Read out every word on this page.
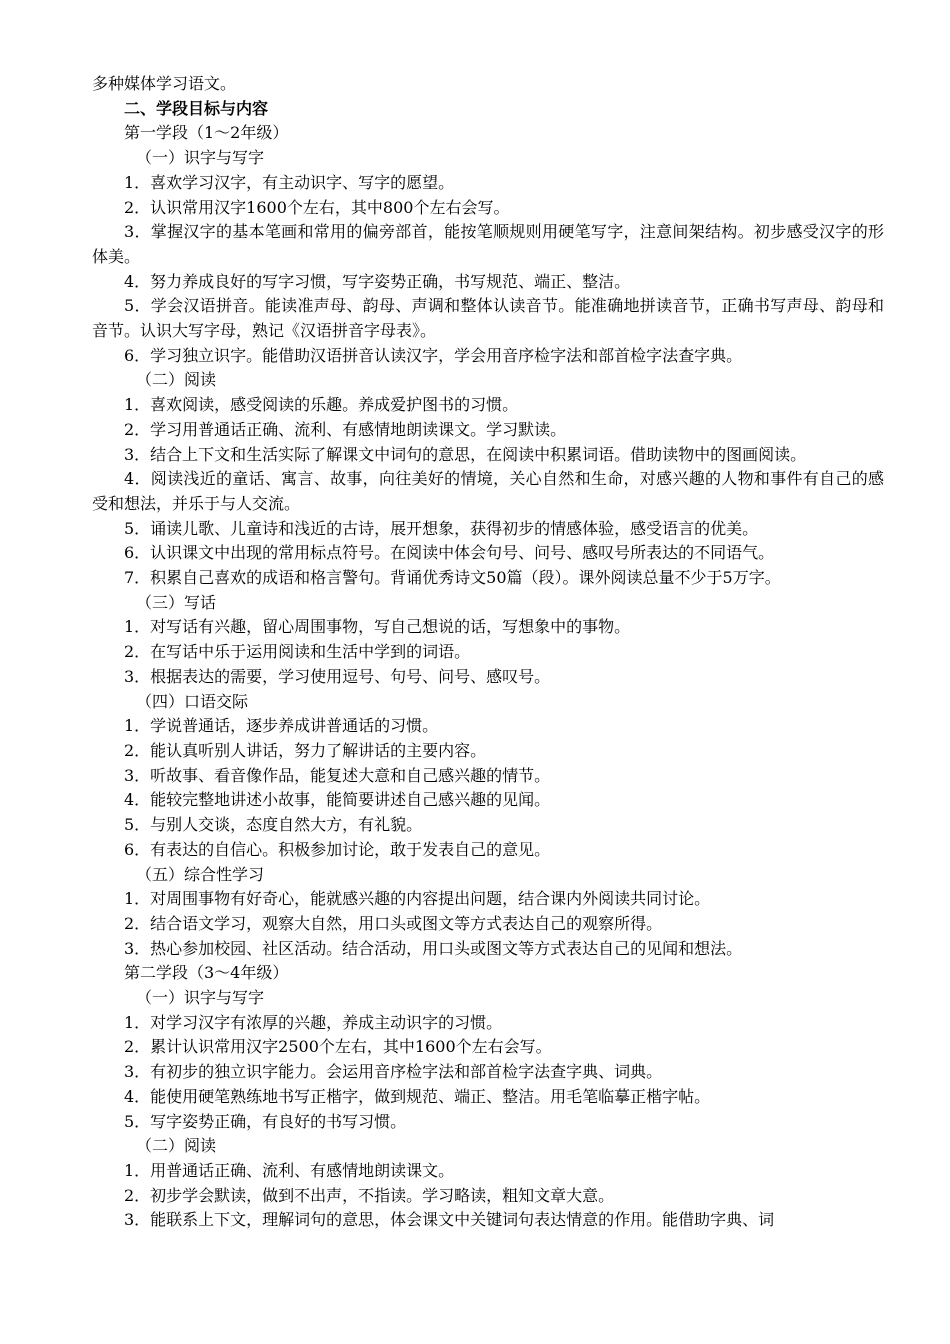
多种媒体学习语文。

二、学段目标与内容

第一学段（1～2年级）

（一）识字与写字

1．喜欢学习汉字，有主动识字、写字的愿望。

2．认识常用汉字1600个左右，其中800个左右会写。

3．掌握汉字的基本笔画和常用的偏旁部首，能按笔顺规则用硬笔写字，注意间架结构。初步感受汉字的形体美。

4．努力养成良好的写字习惯，写字姿势正确，书写规范、端正、整洁。

5．学会汉语拼音。能读准声母、韵母、声调和整体认读音节。能准确地拼读音节，正确书写声母、韵母和音节。认识大写字母，熟记《汉语拼音字母表》。

6．学习独立识字。能借助汉语拼音认读汉字，学会用音序检字法和部首检字法查字典。

（二）阅读

1．喜欢阅读，感受阅读的乐趣。养成爱护图书的习惯。

2．学习用普通话正确、流利、有感情地朗读课文。学习默读。

3．结合上下文和生活实际了解课文中词句的意思，在阅读中积累词语。借助读物中的图画阅读。

4．阅读浅近的童话、寓言、故事，向往美好的情境，关心自然和生命，对感兴趣的人物和事件有自己的感受和想法，并乐于与人交流。

5．诵读儿歌、儿童诗和浅近的古诗，展开想象，获得初步的情感体验，感受语言的优美。

6．认识课文中出现的常用标点符号。在阅读中体会句号、问号、感叹号所表达的不同语气。

7．积累自己喜欢的成语和格言警句。背诵优秀诗文50篇（段）。课外阅读总量不少于5万字。

（三）写话

1．对写话有兴趣，留心周围事物，写自己想说的话，写想象中的事物。

2．在写话中乐于运用阅读和生活中学到的词语。

3．根据表达的需要，学习使用逗号、句号、问号、感叹号。

（四）口语交际

1．学说普通话，逐步养成讲普通话的习惯。

2．能认真听别人讲话，努力了解讲话的主要内容。

3．听故事、看音像作品，能复述大意和自己感兴趣的情节。

4．能较完整地讲述小故事，能简要讲述自己感兴趣的见闻。

5．与别人交谈，态度自然大方，有礼貌。

6．有表达的自信心。积极参加讨论，敢于发表自己的意见。

（五）综合性学习

1．对周围事物有好奇心，能就感兴趣的内容提出问题，结合课内外阅读共同讨论。

2．结合语文学习，观察大自然，用口头或图文等方式表达自己的观察所得。

3．热心参加校园、社区活动。结合活动，用口头或图文等方式表达自己的见闻和想法。

第二学段（3～4年级）

（一）识字与写字

1．对学习汉字有浓厚的兴趣，养成主动识字的习惯。

2．累计认识常用汉字2500个左右，其中1600个左右会写。

3．有初步的独立识字能力。会运用音序检字法和部首检字法查字典、词典。

4．能使用硬笔熟练地书写正楷字，做到规范、端正、整洁。用毛笔临摹正楷字帖。

5．写字姿势正确，有良好的书写习惯。

（二）阅读

1．用普通话正确、流利、有感情地朗读课文。

2．初步学会默读，做到不出声，不指读。学习略读，粗知文章大意。

3．能联系上下文，理解词句的意思，体会课文中关键词句表达情意的作用。能借助字典、词
